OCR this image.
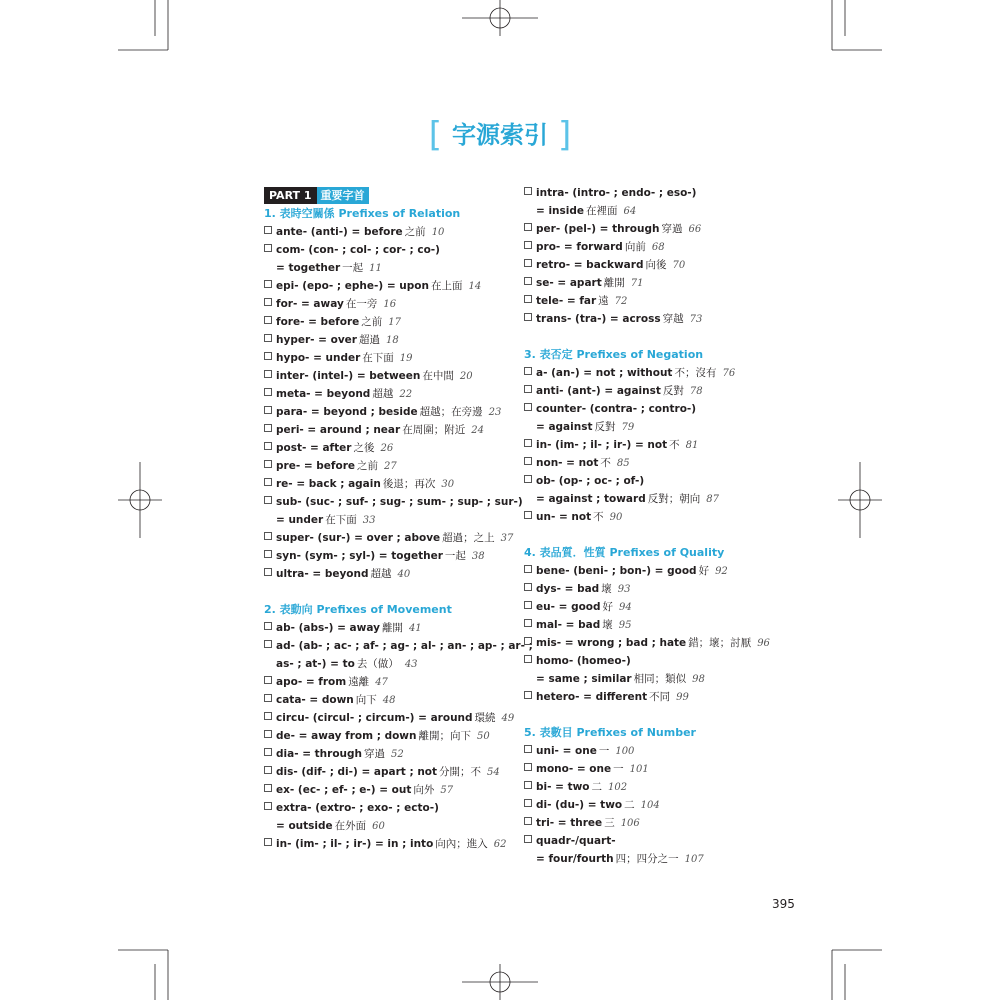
[ 字源索引 ]
PART 1 重要字首
1. 表時空關係 Prefixes of Relation
ante- (anti-) = before 之前 10
com- (con- ; col- ; cor- ; co-)
= together 一起 11
epi- (epo- ; ephe-) = upon 在上面 14
for- = away 在一旁 16
fore- = before 之前 17
hyper- = over 超過 18
hypo- = under 在下面 19
inter- (intel-) = between 在中間 20
meta- = beyond 超越 22
para- = beyond ; beside 超越；在旁邊 23
peri- = around ; near 在周圍；附近 24
post- = after 之後 26
pre- = before 之前 27
re- = back ; again 後退；再次 30
sub- (suc- ; suf- ; sug- ; sum- ; sup- ; sur-)
= under 在下面 33
super- (sur-) = over ; above 超過；之上 37
syn- (sym- ; syl-) = together 一起 38
ultra- = beyond 超越 40
2. 表動向 Prefixes of Movement
ab- (abs-) = away 離開 41
ad- (ab- ; ac- ; af- ; ag- ; al- ; an- ; ap- ; ar- ;
as- ; at-) = to 去（做） 43
apo- = from 遠離 47
cata- = down 向下 48
circu- (circul- ; circum-) = around 環繞 49
de- = away from ; down 離開；向下 50
dia- = through 穿過 52
dis- (dif- ; di-) = apart ; not 分開；不 54
ex- (ec- ; ef- ; e-) = out 向外 57
extra- (extro- ; exo- ; ecto-)
= outside 在外面 60
in- (im- ; il- ; ir-) = in ; into 向內；進入 62
intra- (intro- ; endo- ; eso-)
= inside 在裡面 64
per- (pel-) = through 穿過 66
pro- = forward 向前 68
retro- = backward 向後 70
se- = apart 離開 71
tele- = far 遠 72
trans- (tra-) = across 穿越 73
3. 表否定 Prefixes of Negation
a- (an-) = not ; without 不；沒有 76
anti- (ant-) = against 反對 78
counter- (contra- ; contro-)
= against 反對 79
in- (im- ; il- ; ir-) = not 不 81
non- = not 不 85
ob- (op- ; oc- ; of-)
= against ; toward 反對；朝向 87
un- = not 不 90
4. 表品質．性質 Prefixes of Quality
bene- (beni- ; bon-) = good 好 92
dys- = bad 壞 93
eu- = good 好 94
mal- = bad 壞 95
mis- = wrong ; bad ; hate 錯；壞；討厭 96
homo- (homeo-)
= same ; similar 相同；類似 98
hetero- = different 不同 99
5. 表數目 Prefixes of Number
uni- = one 一 100
mono- = one 一 101
bi- = two 二 102
di- (du-) = two 二 104
tri- = three 三 106
quadr-/quart-
= four/fourth 四；四分之一 107
395
